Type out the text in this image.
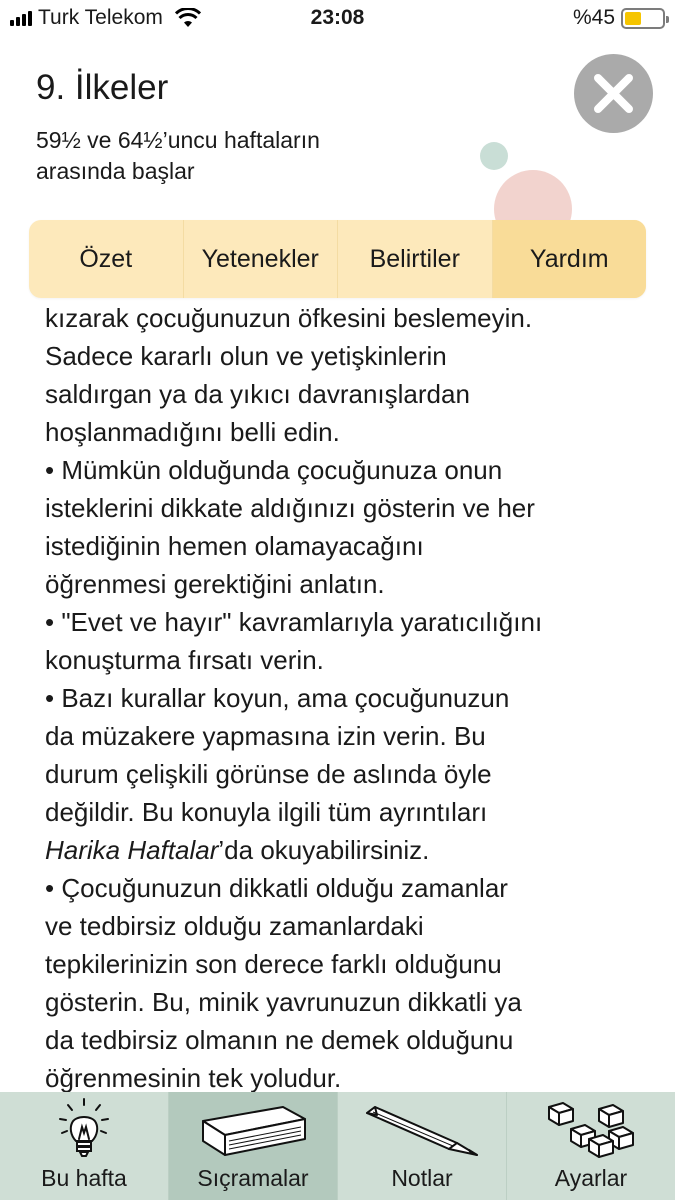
Turk Telekom	23:08	%45
9. İlkeler
59½ ve 64½’uncu haftaların
arasında başlar
Özet	Yetenekler	Belirtiler	Yardım
kızarak çocuğunuzun öfkesini beslemeyin.
Sadece kararlı olun ve yetişkinlerin
saldırgan ya da yıkıcı davranışlardan
hoşlanmadığını belli edin.
• Mümkün olduğunda çocuğunuza onun
isteklerini dikkate aldığınızı gösterin ve her
istediğinin hemen olamayacağını
öğrenmesi gerektiğini anlatın.
• "Evet ve hayır" kavramlarıyla yaratıcılığını
konuşturma fırsatı verin.
• Bazı kurallar koyun, ama çocuğunuzun
da müzakere yapmasına izin verin. Bu
durum çelişkili görünse de aslında öyle
değildir. Bu konuyla ilgili tüm ayrıntıları
Harika Haftalar’da okuyabilirsiniz.
• Çocuğunuzun dikkatli olduğu zamanlar
ve tedbirsiz olduğu zamanlardaki
tepkilerinizin son derece farklı olduğunu
gösterin. Bu, minik yavrunuzun dikkatli ya
da tedbirsiz olmanın ne demek olduğunu
öğrenmesinin tek yoludur.
Bu hafta	Sıçramalar	Notlar	Ayarlar
